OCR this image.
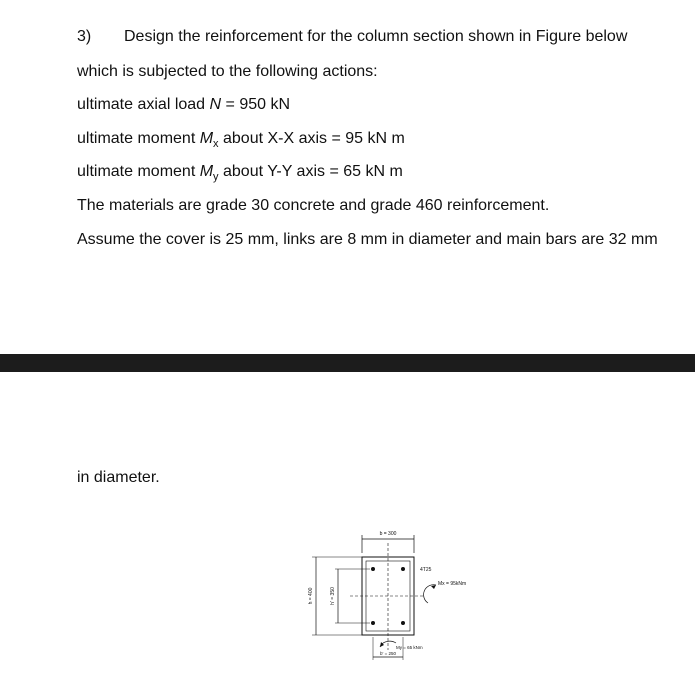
3) Design the reinforcement for the column section shown in Figure below
which is subjected to the following actions:
ultimate axial load N = 950 kN
ultimate moment $M_x$ about X-X axis = 95 kN m
ultimate moment $M_y$ about Y-Y axis = 65 kN m
The materials are grade 30 concrete and grade 460 reinforcement.
Assume the cover is 25 mm, links are 8 mm in diameter and main bars are 32 mm
in diameter.
b = 300
4T25
Mx = 95kNm
h = 400	h' = 350
My = 65 kNm
b' = 250
